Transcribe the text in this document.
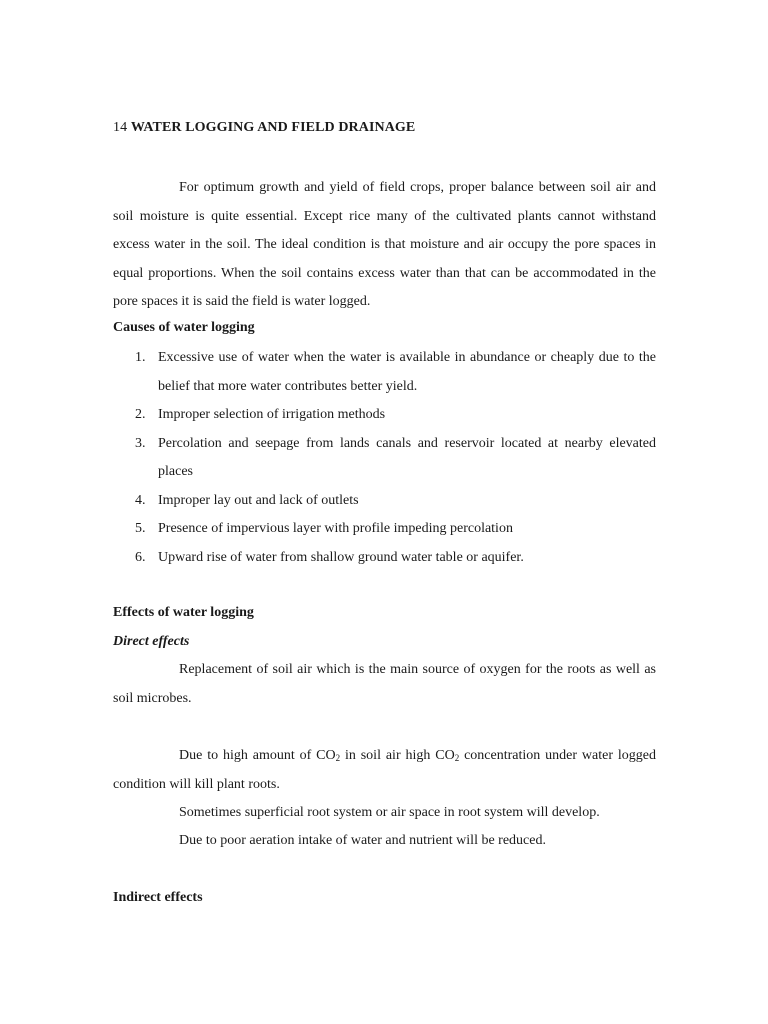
14 WATER LOGGING AND FIELD DRAINAGE

For optimum growth and yield of field crops, proper balance between soil air and soil moisture is quite essential. Except rice many of the cultivated plants cannot withstand excess water in the soil. The ideal condition is that moisture and air occupy the pore spaces in equal proportions. When the soil contains excess water than that can be accommodated in the pore spaces it is said the field is water logged.

Causes of water logging

1. Excessive use of water when the water is available in abundance or cheaply due to the belief that more water contributes better yield.
2. Improper selection of irrigation methods
3. Percolation and seepage from lands canals and reservoir located at nearby elevated places
4. Improper lay out and lack of outlets
5. Presence of impervious layer with profile impeding percolation
6. Upward rise of water from shallow ground water table or aquifer.

Effects of water logging

Direct effects

Replacement of soil air which is the main source of oxygen for the roots as well as soil microbes.

Due to high amount of $CO_2$ in soil air high $CO_2$ concentration under water logged condition will kill plant roots.

Sometimes superficial root system or air space in root system will develop.

Due to poor aeration intake of water and nutrient will be reduced.

Indirect effects
